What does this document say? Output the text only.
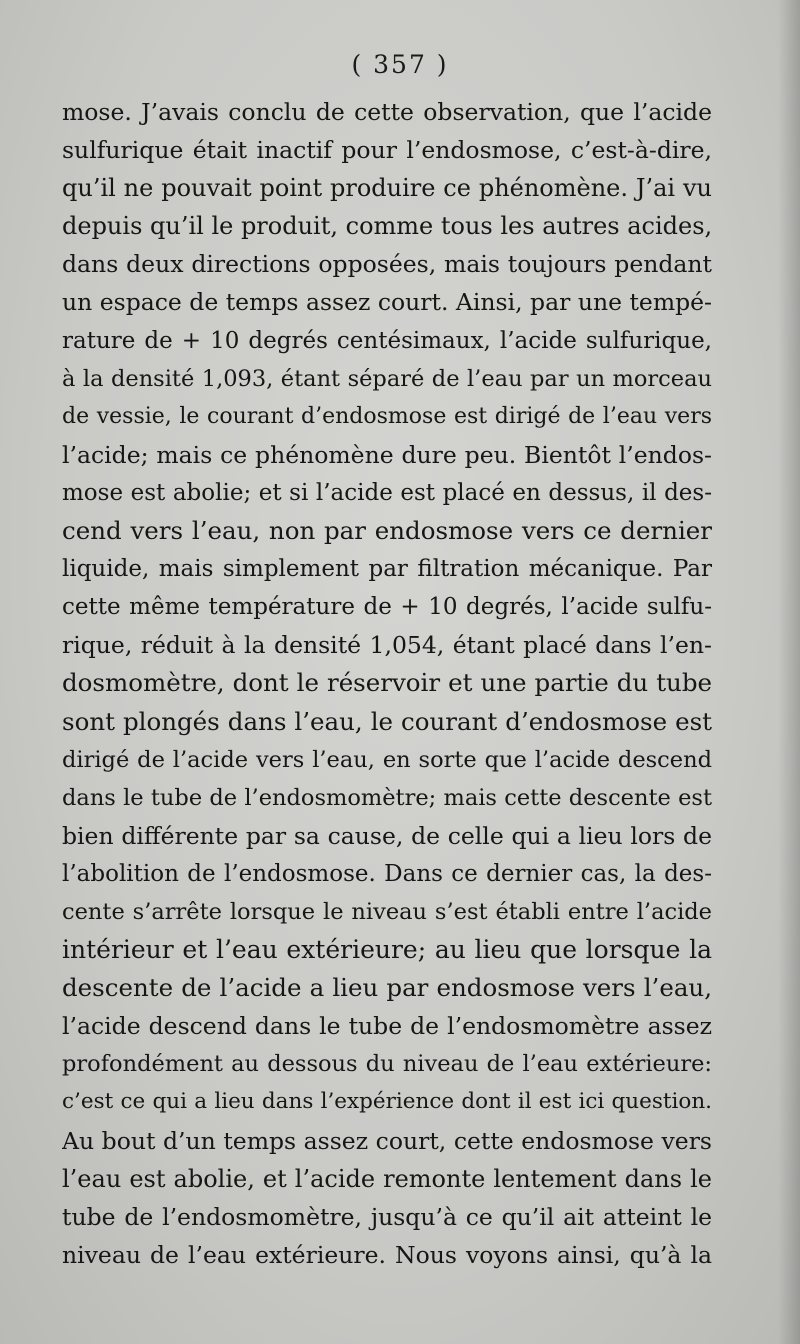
( 357 )
mose. J’avais conclu de cette observation, que l’acide
sulfurique était inactif pour l’endosmose, c’est-à-dire,
qu’il ne pouvait point produire ce phénomène. J’ai vu
depuis qu’il le produit, comme tous les autres acides,
dans deux directions opposées, mais toujours pendant
un espace de temps assez court. Ainsi, par une tempé-
rature de + 10 degrés centésimaux, l’acide sulfurique,
à la densité 1,093, étant séparé de l’eau par un morceau
de vessie, le courant d’endosmose est dirigé de l’eau vers
l’acide; mais ce phénomène dure peu. Bientôt l’endos-
mose est abolie; et si l’acide est placé en dessus, il des-
cend vers l’eau, non par endosmose vers ce dernier
liquide, mais simplement par filtration mécanique. Par
cette même température de + 10 degrés, l’acide sulfu-
rique, réduit à la densité 1,054, étant placé dans l’en-
dosmomètre, dont le réservoir et une partie du tube
sont plongés dans l’eau, le courant d’endosmose est
dirigé de l’acide vers l’eau, en sorte que l’acide descend
dans le tube de l’endosmomètre; mais cette descente est
bien différente par sa cause, de celle qui a lieu lors de
l’abolition de l’endosmose. Dans ce dernier cas, la des-
cente s’arrête lorsque le niveau s’est établi entre l’acide
intérieur et l’eau extérieure; au lieu que lorsque la
descente de l’acide a lieu par endosmose vers l’eau,
l’acide descend dans le tube de l’endosmomètre assez
profondément au dessous du niveau de l’eau extérieure:
c’est ce qui a lieu dans l’expérience dont il est ici question.
Au bout d’un temps assez court, cette endosmose vers
l’eau est abolie, et l’acide remonte lentement dans le
tube de l’endosmomètre, jusqu’à ce qu’il ait atteint le
niveau de l’eau extérieure. Nous voyons ainsi, qu’à la
